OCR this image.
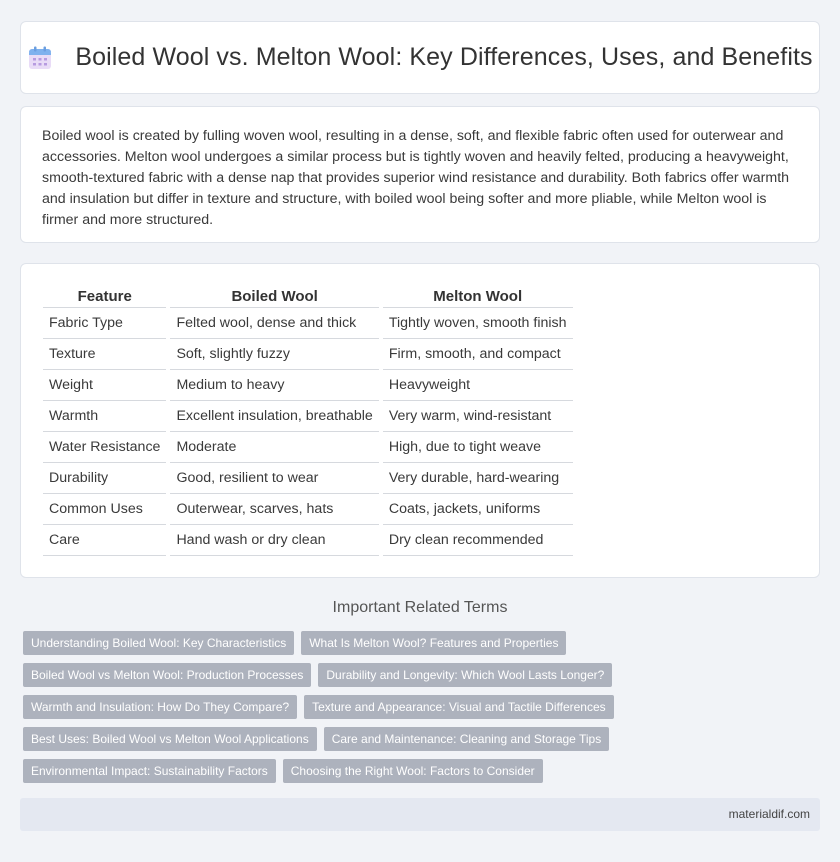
Boiled Wool vs. Melton Wool: Key Differences, Uses, and Benefits

Boiled wool is created by fulling woven wool, resulting in a dense, soft, and flexible fabric often used for outerwear and accessories. Melton wool undergoes a similar process but is tightly woven and heavily felted, producing a heavyweight, smooth-textured fabric with a dense nap that provides superior wind resistance and durability. Both fabrics offer warmth and insulation but differ in texture and structure, with boiled wool being softer and more pliable, while Melton wool is firmer and more structured.

Feature	Boiled Wool	Melton Wool
Fabric Type	Felted wool, dense and thick	Tightly woven, smooth finish
Texture	Soft, slightly fuzzy	Firm, smooth, and compact
Weight	Medium to heavy	Heavyweight
Warmth	Excellent insulation, breathable	Very warm, wind-resistant
Water Resistance	Moderate	High, due to tight weave
Durability	Good, resilient to wear	Very durable, hard-wearing
Common Uses	Outerwear, scarves, hats	Coats, jackets, uniforms
Care	Hand wash or dry clean	Dry clean recommended
Important Related Terms
Understanding Boiled Wool: Key Characteristics	What Is Melton Wool? Features and Properties
Boiled Wool vs Melton Wool: Production Processes	Durability and Longevity: Which Wool Lasts Longer?
Warmth and Insulation: How Do They Compare?	Texture and Appearance: Visual and Tactile Differences
Best Uses: Boiled Wool vs Melton Wool Applications	Care and Maintenance: Cleaning and Storage Tips
Environmental Impact: Sustainability Factors	Choosing the Right Wool: Factors to Consider
materialdif.com
